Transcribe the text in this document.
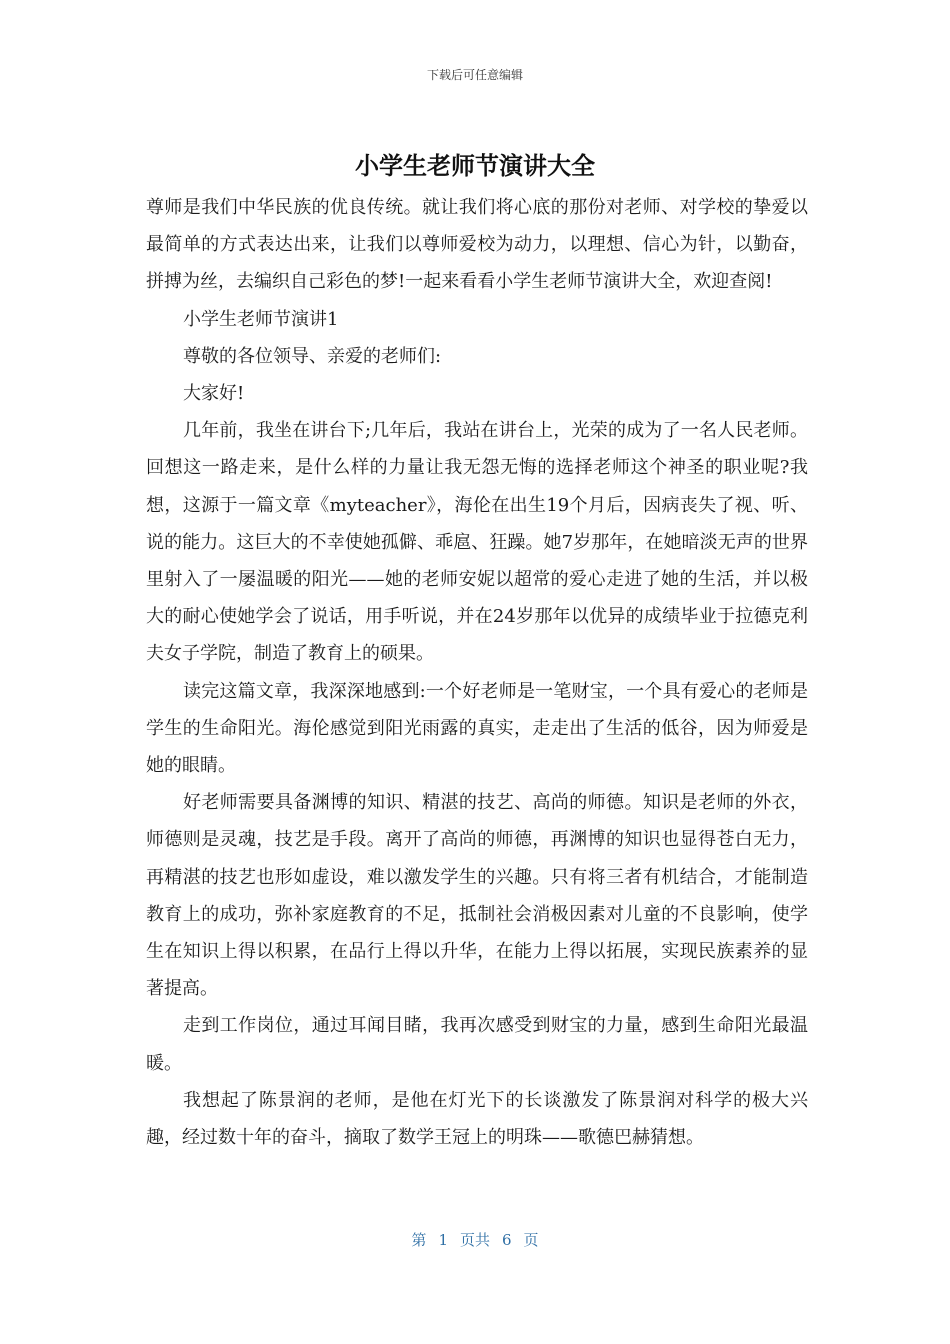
下载后可任意编辑
小学生老师节演讲大全

尊师是我们中华民族的优良传统。就让我们将心底的那份对老师、对学校的挚爱以最简单的方式表达出来，让我们以尊师爱校为动力，以理想、信心为针，以勤奋，拼搏为丝，去编织自己彩色的梦!一起来看看小学生老师节演讲大全，欢迎查阅!

小学生老师节演讲1

尊敬的各位领导、亲爱的老师们:

大家好!

几年前，我坐在讲台下;几年后，我站在讲台上，光荣的成为了一名人民老师。回想这一路走来，是什么样的力量让我无怨无悔的选择老师这个神圣的职业呢?我想，这源于一篇文章《myteacher》，海伦在出生19个月后，因病丧失了视、听、说的能力。这巨大的不幸使她孤僻、乖扈、狂躁。她7岁那年，在她暗淡无声的世界里射入了一屡温暖的阳光——她的老师安妮以超常的爱心走进了她的生活，并以极大的耐心使她学会了说话，用手听说，并在24岁那年以优异的成绩毕业于拉德克利夫女子学院，制造了教育上的硕果。

读完这篇文章，我深深地感到:一个好老师是一笔财宝，一个具有爱心的老师是学生的生命阳光。海伦感觉到阳光雨露的真实，走走出了生活的低谷，因为师爱是她的眼睛。

好老师需要具备渊博的知识、精湛的技艺、高尚的师德。知识是老师的外衣，师德则是灵魂，技艺是手段。离开了高尚的师德，再渊博的知识也显得苍白无力，再精湛的技艺也形如虚设，难以激发学生的兴趣。只有将三者有机结合，才能制造教育上的成功，弥补家庭教育的不足，抵制社会消极因素对儿童的不良影响，使学生在知识上得以积累，在品行上得以升华，在能力上得以拓展，实现民族素养的显著提高。

走到工作岗位，通过耳闻目睹，我再次感受到财宝的力量，感到生命阳光最温暖。

我想起了陈景润的老师，是他在灯光下的长谈激发了陈景润对科学的极大兴趣，经过数十年的奋斗，摘取了数学王冠上的明珠——歌德巴赫猜想。

第 1 页共 6 页
